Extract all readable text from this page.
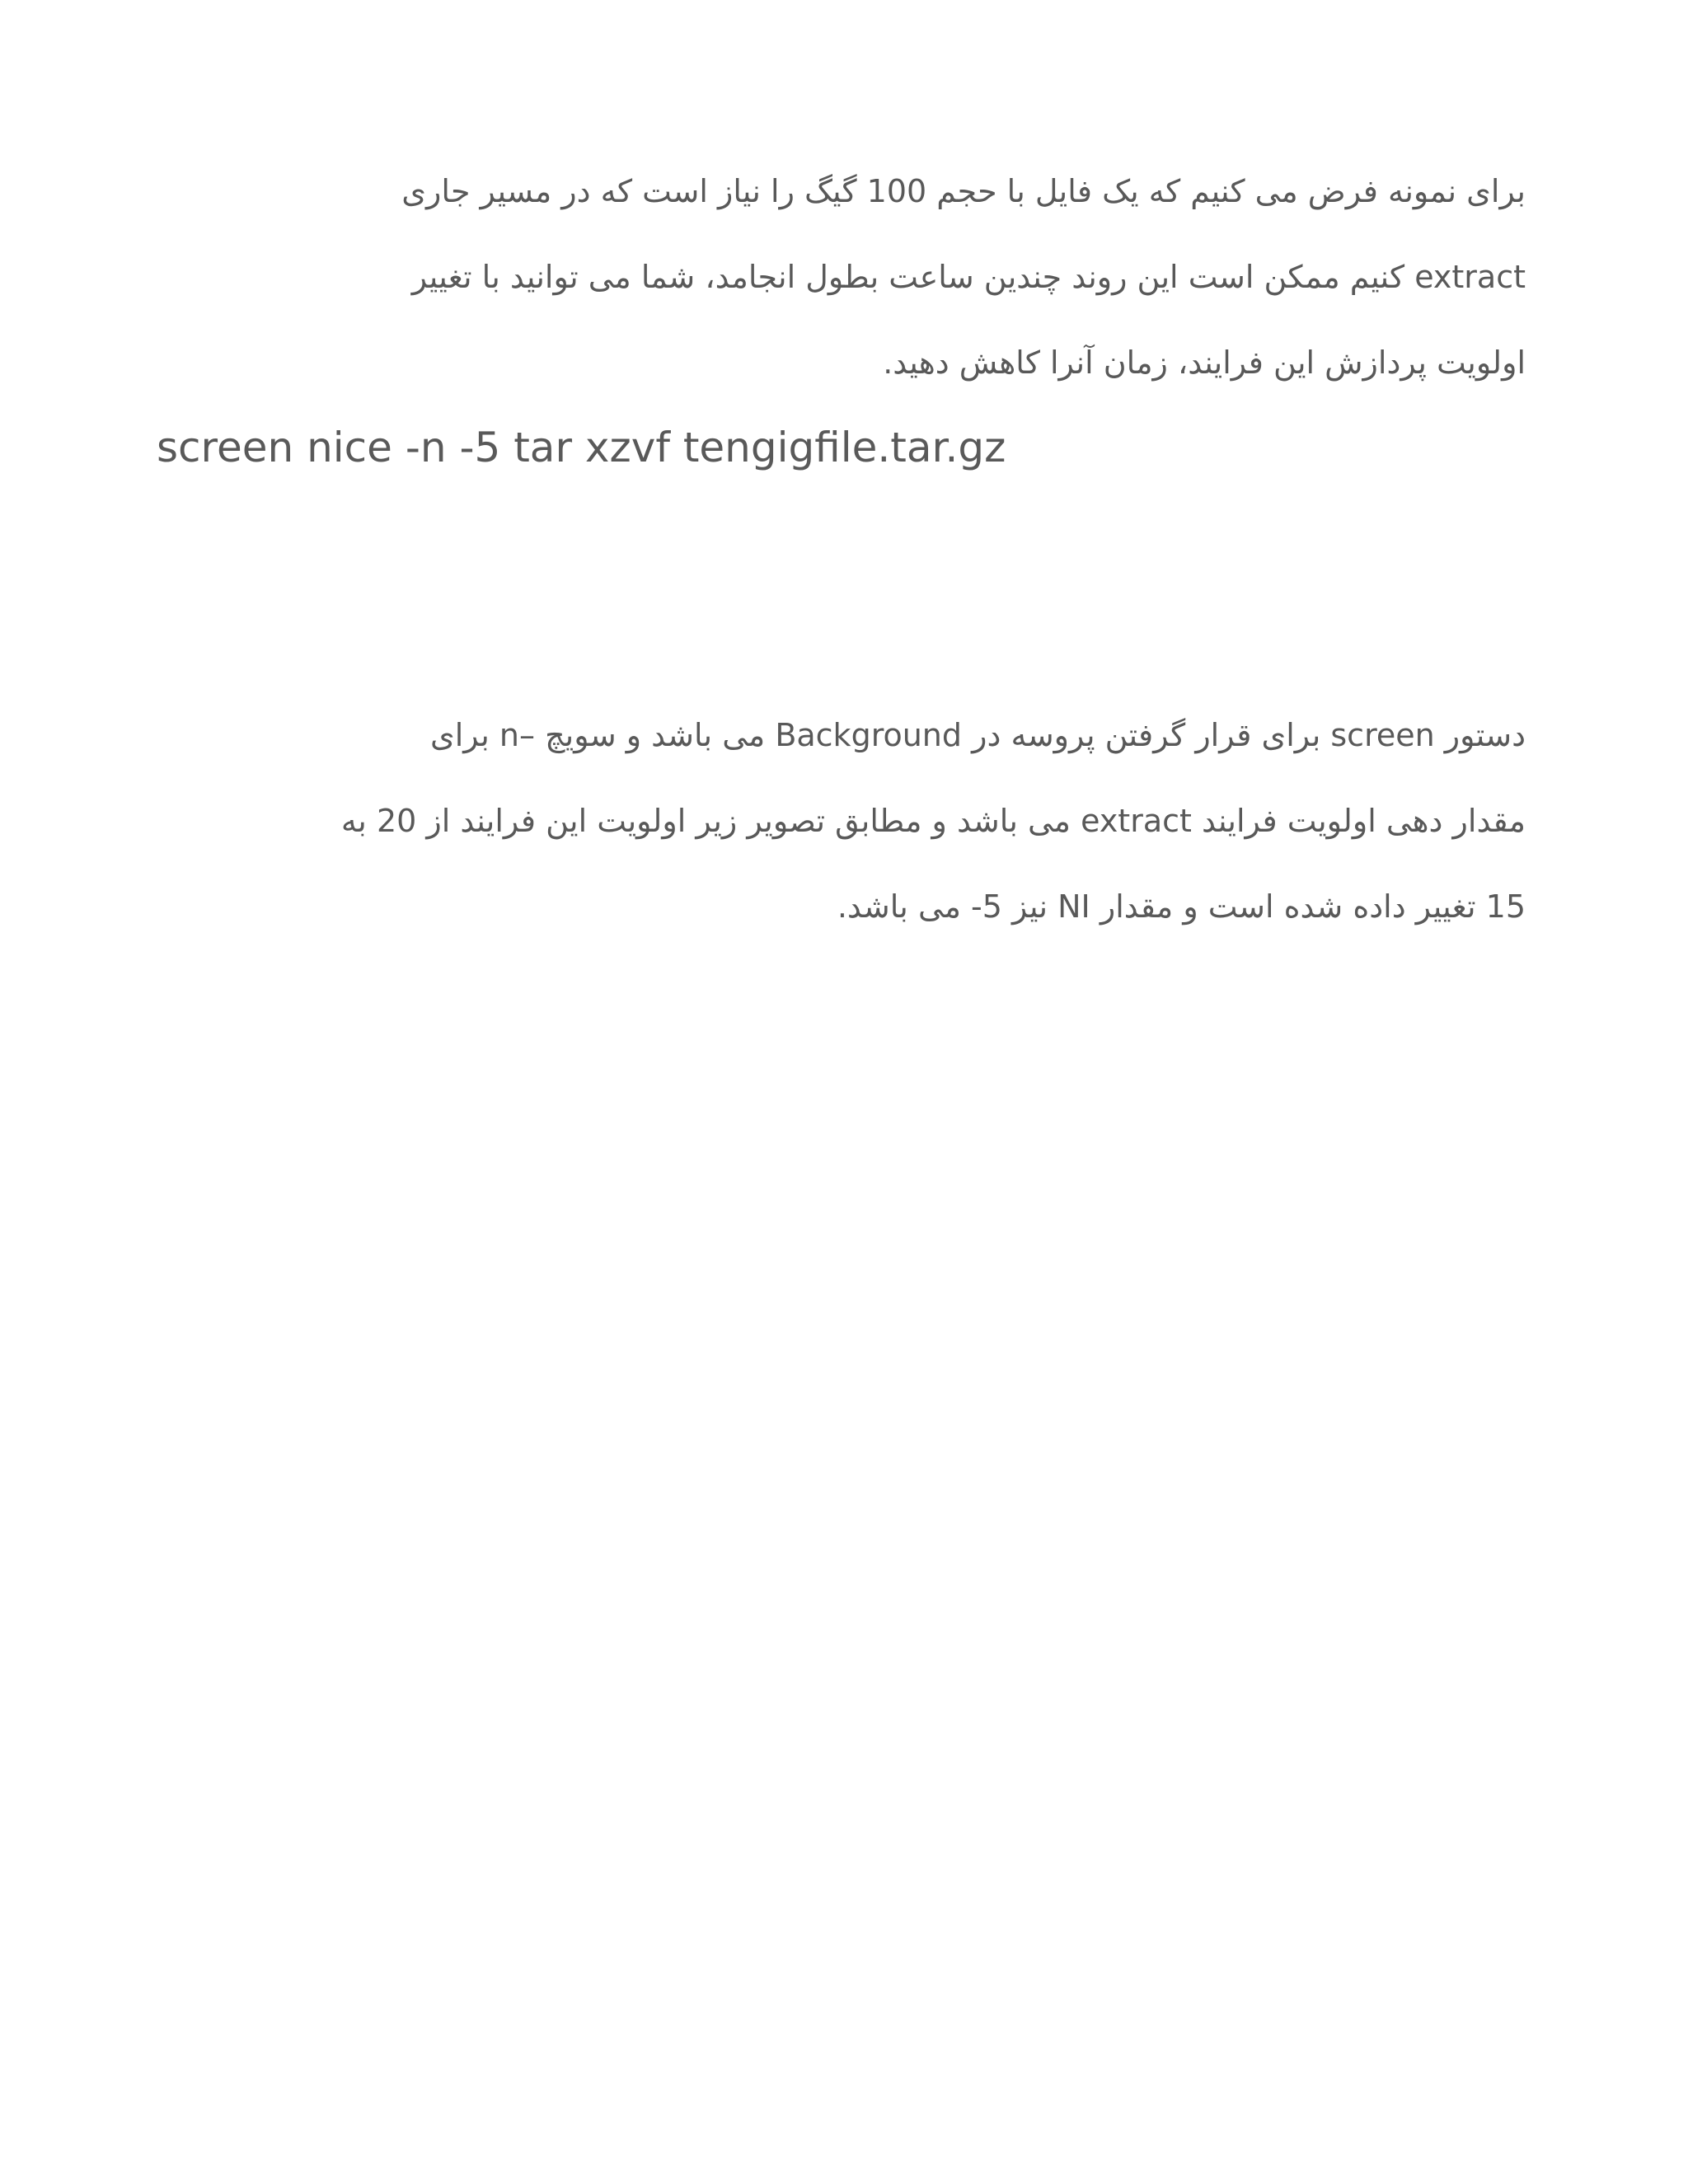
برای نمونه فرض می کنیم که یک فایل با حجم 100 گیگ را نیاز است که در مسیر جاری
extract کنیم ممکن است این روند چندین ساعت بطول انجامد، شما می توانید با تغییر
اولویت پردازش این فرایند، زمان آنرا کاهش دهید.

screen nice -n -5 tar xzvf tengigfile.tar.gz

دستور screen برای قرار گرفتن پروسه در Background می باشد و سویچ –n برای
مقدار دهی اولویت فرایند extract می باشد و مطابق تصویر زیر اولویت این فرایند از 20 به
15 تغییر داده شده است و مقدار NI نیز 5- می باشد.
